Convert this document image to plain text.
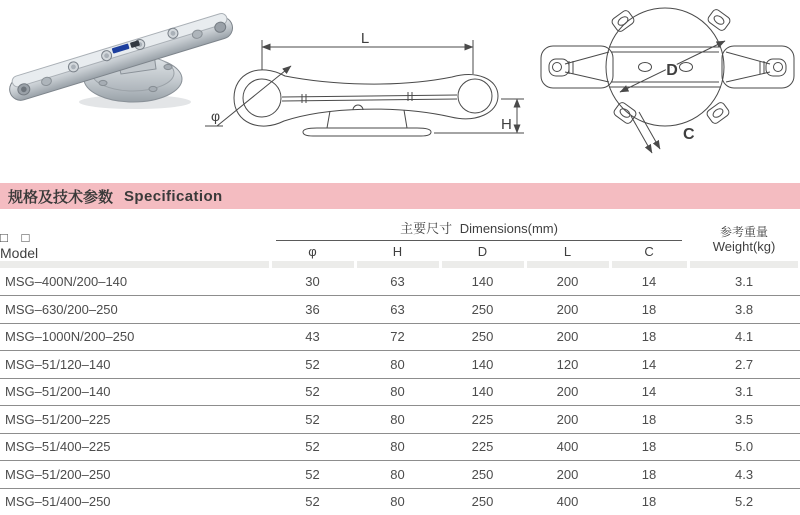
L
φ	H
D
C
规格及技术参数 Specification
□ □
Model

主要尺寸 Dimensions(mm)	参考重量
Weight(kg)

	φ	H	D	L	C	

MSG–400N/200–140	30	63	140	200	14	3.1
MSG–630/200–250	36	63	250	200	18	3.8
MSG–1000N/200–250	43	72	250	200	18	4.1
MSG–51/120–140	52	80	140	120	14	2.7
MSG–51/200–140	52	80	140	200	14	3.1
MSG–51/200–225	52	80	225	200	18	3.5
MSG–51/400–225	52	80	225	400	18	5.0
MSG–51/200–250	52	80	250	200	18	4.3
MSG–51/400–250	52	80	250	400	18	5.2
